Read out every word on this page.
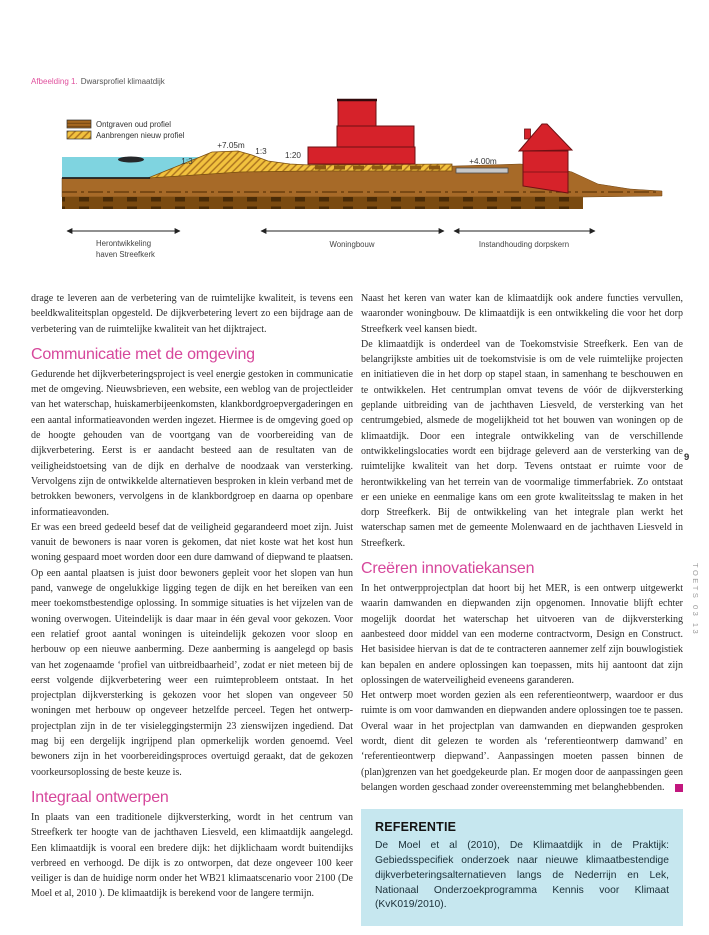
Afbeelding 1. Dwarsprofiel klimaatdijk
Ontgraven oud profiel
Aanbrengen nieuw profiel
+7.05m
1:3
1:3 1:20
+4.00m
Herontwikkeling
haven Streefkerk
Woningbouw	Instandhouding dorpskern

drage te leveren aan de verbetering van de ruimtelijke kwaliteit, is tevens een beeldkwaliteitsplan opgesteld. De dijkverbetering levert zo een bijdrage aan de verbetering van de ruimtelijke kwaliteit van het dijktraject.

Communicatie met de omgeving

Gedurende het dijkverbeteringsproject is veel energie gestoken in communicatie met de omgeving. Nieuwsbrieven, een website, een weblog van de projectleider van het waterschap, huiskamerbijeenkomsten, klankbordgroepvergaderingen en een aantal informatieavonden werden ingezet. Hiermee is de omgeving goed op de hoogte gehouden van de voortgang van de voorbereiding van de dijkverbetering. Eerst is er aandacht besteed aan de resultaten van de veiligheidstoetsing van de dijk en derhalve de noodzaak van versterking. Vervolgens zijn de ontwikkelde alternatieven besproken in klein verband met de betrokken bewoners, vervolgens in de klankbordgroep en daarna op openbare informatieavonden.

Er was een breed gedeeld besef dat de veiligheid gegarandeerd moet zijn. Juist vanuit de bewoners is naar voren is gekomen, dat niet koste wat het kost hun woning gespaard moet worden door een dure damwand of diepwand te plaatsen. Op een aantal plaatsen is juist door bewoners gepleit voor het slopen van hun pand, vanwege de ongelukkige ligging tegen de dijk en het bereiken van een meer toekomstbestendige oplossing. In sommige situaties is het vijzelen van de woning overwogen. Uiteindelijk is daar maar in één geval voor gekozen. Voor een relatief groot aantal woningen is uiteindelijk gekozen voor sloop en herbouw op een nieuwe aanberming. Deze aanberming is aangelegd op basis van het zogenaamde ‘profiel van uitbreidbaarheid’, zodat er niet meteen bij de eerst volgende dijkverbetering weer een ruimteprobleem ontstaat. In het projectplan dijkversterking is gekozen voor het slopen van ongeveer 50 woningen met herbouw op ongeveer hetzelfde perceel. Tegen het ontwerp-projectplan zijn in de ter visieleggingstermijn 23 zienswijzen ingediend. Dat mag bij een dergelijk ingrijpend plan opmerkelijk worden genoemd. Veel bewoners zijn in het voorbereidingsproces overtuigd geraakt, dat de gekozen voorkeursoplossing de beste keuze is.

Integraal ontwerpen

In plaats van een traditionele dijkversterking, wordt in het centrum van Streefkerk ter hoogte van de jachthaven Liesveld, een klimaatdijk aangelegd. Een klimaatdijk is vooral een bredere dijk: het dijklichaam wordt buitendijks verbreed en verhoogd. De dijk is zo ontworpen, dat deze ongeveer 100 keer veiliger is dan de huidige norm onder het WB21 klimaatscenario voor 2100 (De Moel et al, 2010 ). De klimaatdijk is berekend voor de langere termijn.

Naast het keren van water kan de klimaatdijk ook andere functies vervullen, waaronder woningbouw. De klimaatdijk is een ontwikkeling die voor het dorp Streefkerk veel kansen biedt.

De klimaatdijk is onderdeel van de Toekomstvisie Streefkerk. Een van de belangrijkste ambities uit de toekomstvisie is om de vele ruimtelijke projecten en initiatieven die in het dorp op stapel staan, in samenhang te beschouwen en te ontwikkelen. Het centrumplan omvat tevens de vóór de dijkversterking geplande uitbreiding van de jachthaven Liesveld, de versterking van het centrumgebied, alsmede de mogelijkheid tot het bouwen van woningen op de klimaatdijk. Door een integrale ontwikkeling van de verschillende ontwikkelingslocaties wordt een bijdrage geleverd aan de versterking van de ruimtelijke kwaliteit van het dorp. Tevens ontstaat er ruimte voor de herontwikkeling van het terrein van de voormalige timmerfabriek. Zo ontstaat er een unieke en eenmalige kans om een grote kwaliteitsslag te maken in het dorp Streefkerk. Bij de ontwikkeling van het integrale plan werkt het waterschap samen met de gemeente Molenwaard en de jachthaven Liesveld in Streefkerk.

Creëren innovatiekansen

In het ontwerpprojectplan dat hoort bij het MER, is een ontwerp uitgewerkt waarin damwanden en diepwanden zijn opgenomen. Innovatie blijft echter mogelijk doordat het waterschap het uitvoeren van de dijkversterking aanbesteed door middel van een moderne contractvorm, Design en Construct. Het basisidee hiervan is dat de te contracteren aannemer zelf zijn bouwlogistiek kan bepalen en andere oplossingen kan toepassen, mits hij aantoont dat zijn oplossingen de waterveiligheid eveneens garanderen.

Het ontwerp moet worden gezien als een referentieontwerp, waardoor er dus ruimte is om voor damwanden en diepwanden andere oplossingen toe te passen. Overal waar in het projectplan van damwanden en diepwanden gesproken wordt, dient dit gelezen te worden als ‘referentieontwerp damwand’ en ‘referentieontwerp diepwand’. Aanpassingen moeten passen binnen de (plan)grenzen van het goedgekeurde plan. Er mogen door de aanpassingen geen belangen worden geschaad zonder overeenstemming met belanghebbenden.

REFERENTIE

De Moel et al (2010), De Klimaatdijk in de Praktijk: Gebiedsspecifiek onderzoek naar nieuwe klimaatbestendige dijkverbeteringsalternatieven langs de Nederrijn en Lek, Nationaal Onderzoekprogramma Kennis voor Klimaat (KvK019/2010).

9
TOETS 03 13
